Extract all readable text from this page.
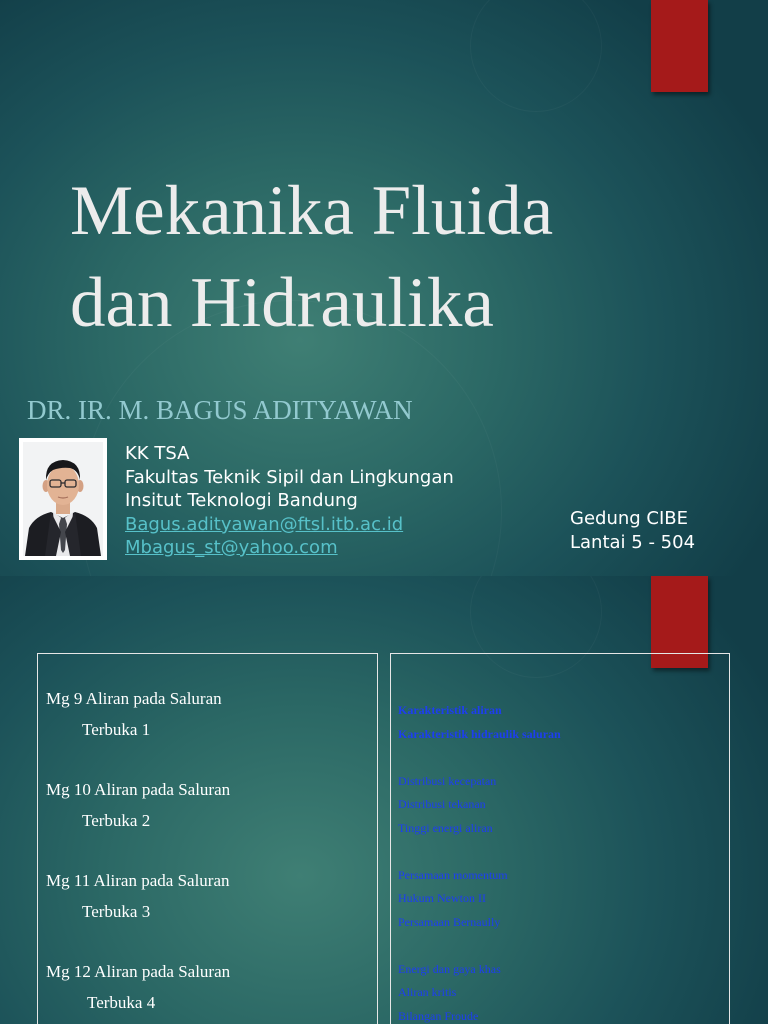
Mekanika Fluida
dan Hidraulika

DR. IR. M. BAGUS ADITYAWAN

KK TSA
Fakultas Teknik Sipil dan Lingkungan
Insitut Teknologi Bandung
Bagus.adityawan@ftsl.itb.ac.id
Mbagus_st@yahoo.com
Gedung CIBE
Lantai 5 - 504
Mg 9 Aliran pada Saluran
Terbuka 1
Mg 10 Aliran pada Saluran
Terbuka 2
Mg 11 Aliran pada Saluran
Terbuka 3
Mg 12 Aliran pada Saluran
Terbuka 4
Karakteristik aliran
Karakteristik hidraulik saluran
Distribusi kecepatan
Distribusi tekanan
Tinggi energi aliran
Persamaan momentum
Hukum Newton II
Persamaan Bernaully
Energi dan gaya khas
Aliran kritis
Bilangan Froude
